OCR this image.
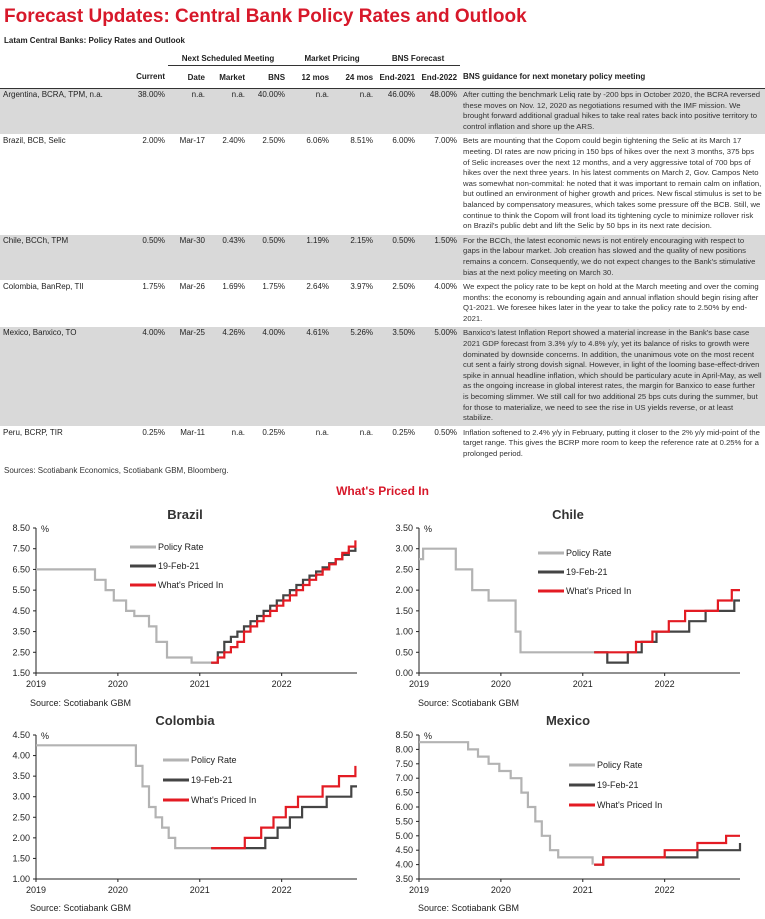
Forecast Updates: Central Bank Policy Rates and Outlook
Latam Central Banks: Policy Rates and Outlook
		Next Scheduled Meeting			Market Pricing		BNS Forecast		
	Current	Date	Market	BNS	12 mos	24 mos	End-2021	End-2022	BNS guidance for next monetary policy meeting
Argentina, BCRA, TPM, n.a.	38.00%	n.a.	n.a.	40.00%	n.a.	n.a.	46.00%	48.00%	After cutting the benchmark Leliq rate by -200 bps in October 2020, the BCRA reversed these moves on Nov. 12, 2020 as negotiations resumed with the IMF mission. We brought forward additional gradual hikes to take real rates back into positive territory to control inflation and shore up the ARS.
Brazil, BCB, Selic	2.00%	Mar-17	2.40%	2.50%	6.06%	8.51%	6.00%	7.00%	Bets are mounting that the Copom could begin tightening the Selic at its March 17 meeting. DI rates are now pricing in 150 bps of hikes over the next 3 months, 375 bps of Selic increases over the next 12 months, and a very aggressive total of 700 bps of hikes over the next three years. In his latest comments on March 2, Gov. Campos Neto was somewhat non-commital: he noted that it was important to remain calm on inflation, but outlined an environment of higher growth and prices. New fiscal stimulus is set to be balanced by compensatory measures, which takes some pressure off the BCB. Still, we continue to think the Copom will front load its tightening cycle to minimize rollover risk on Brazil's public debt and lift the Selic by 50 bps in its next rate decision.
Chile, BCCh, TPM	0.50%	Mar-30	0.43%	0.50%	1.19%	2.15%	0.50%	1.50%	For the BCCh, the latest economic news is not entirely encouraging with respect to gaps in the labour market. Job creation has slowed and the quality of new positions remains a concern. Consequently, we do not expect changes to the Bank's stimulative bias at the next policy meeting on March 30.
Colombia, BanRep, TII	1.75%	Mar-26	1.69%	1.75%	2.64%	3.97%	2.50%	4.00%	We expect the policy rate to be kept on hold at the March meeting and over the coming months: the economy is rebounding again and annual inflation should begin rising after Q1-2021. We foresee hikes later in the year to take the policy rate to 2.50% by end-2021.
Mexico, Banxico, TO	4.00%	Mar-25	4.26%	4.00%	4.61%	5.26%	3.50%	5.00%	Banxico's latest Inflation Report showed a material increase in the Bank's base case 2021 GDP forecast from 3.3% y/y to 4.8% y/y, yet its balance of risks to growth were dominated by downside concerns. In addition, the unanimous vote on the most recent cut sent a fairly strong dovish signal. However, in light of the looming base-effect-driven spike in annual headline inflation, which should be particulary acute in April-May, as well as the ongoing increase in global interest rates, the margin for Banxico to ease further is becoming slimmer. We still call for two additional 25 bps cuts during the summer, but for those to materialize, we need to see the rise in US yields reverse, or at least stabilize.
Peru, BCRP, TIR	0.25%	Mar-11	n.a.	0.25%	n.a.	n.a.	0.25%	0.50%	Inflation softened to 2.4% y/y in February, putting it closer to the 2% y/y mid-point of the target range. This gives the BCRP more room to keep the reference rate at 0.25% for a prolonged period.
Sources: Scotiabank Economics, Scotiabank GBM, Bloomberg.
What's Priced In
Brazil
%
1.50
2.50
3.50
4.50
5.50
6.50
7.50
8.50
2019	2020	2021	2022
Policy Rate
19-Feb-21
What's Priced In
Chile
%
0.00
0.50
1.00
1.50
2.00
2.50
3.00
3.50
2019	2020	2021	2022
Policy Rate
19-Feb-21
What's Priced In
Colombia
%
1.00
1.50
2.00
2.50
3.00
3.50
4.00
4.50
2019	2020	2021	2022
Policy Rate
19-Feb-21
What's Priced In
Mexico
%
3.50
4.00
4.50
5.00
5.50
6.00
6.50
7.00
7.50
8.00
8.50
2019	2020	2021	2022
Policy Rate
19-Feb-21
What's Priced In
Source: Scotiabank GBM	Source: Scotiabank GBM
Source: Scotiabank GBM	Source: Scotiabank GBM
